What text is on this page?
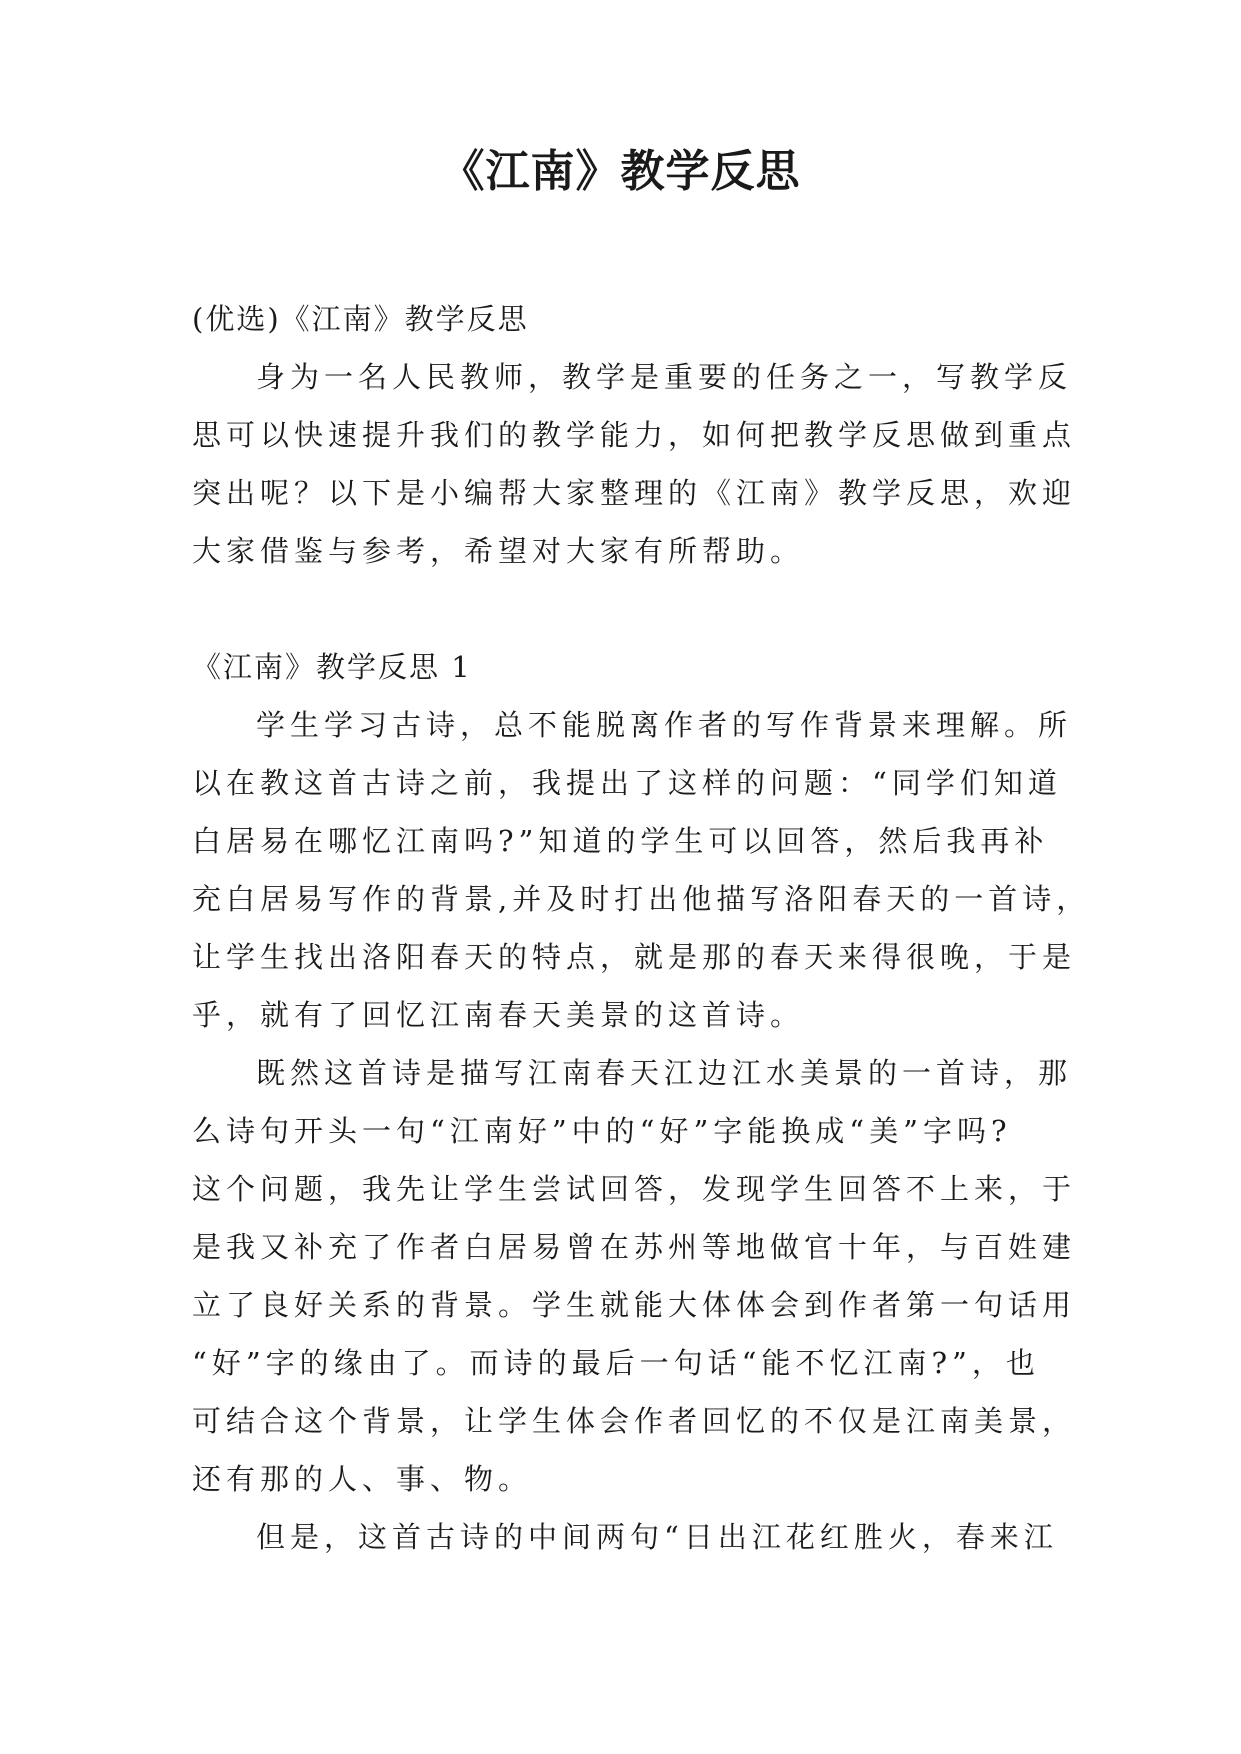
《江南》教学反思
(优选)《江南》教学反思
身为一名人民教师，教学是重要的任务之一，写教学反
思可以快速提升我们的教学能力，如何把教学反思做到重点
突出呢？以下是小编帮大家整理的《江南》教学反思，欢迎
大家借鉴与参考，希望对大家有所帮助。
《江南》教学反思 1
学生学习古诗，总不能脱离作者的写作背景来理解。所
以在教这首古诗之前，我提出了这样的问题：“同学们知道
白居易在哪忆江南吗?”知道的学生可以回答，然后我再补
充白居易写作的背景,并及时打出他描写洛阳春天的一首诗，
让学生找出洛阳春天的特点，就是那的春天来得很晚，于是
乎，就有了回忆江南春天美景的这首诗。
既然这首诗是描写江南春天江边江水美景的一首诗，那
么诗句开头一句“江南好”中的“好”字能换成“美”字吗?
这个问题，我先让学生尝试回答，发现学生回答不上来，于
是我又补充了作者白居易曾在苏州等地做官十年，与百姓建
立了良好关系的背景。学生就能大体体会到作者第一句话用
“好”字的缘由了。而诗的最后一句话“能不忆江南?”，也
可结合这个背景，让学生体会作者回忆的不仅是江南美景，
还有那的人、事、物。
但是，这首古诗的中间两句“日出江花红胜火，春来江
